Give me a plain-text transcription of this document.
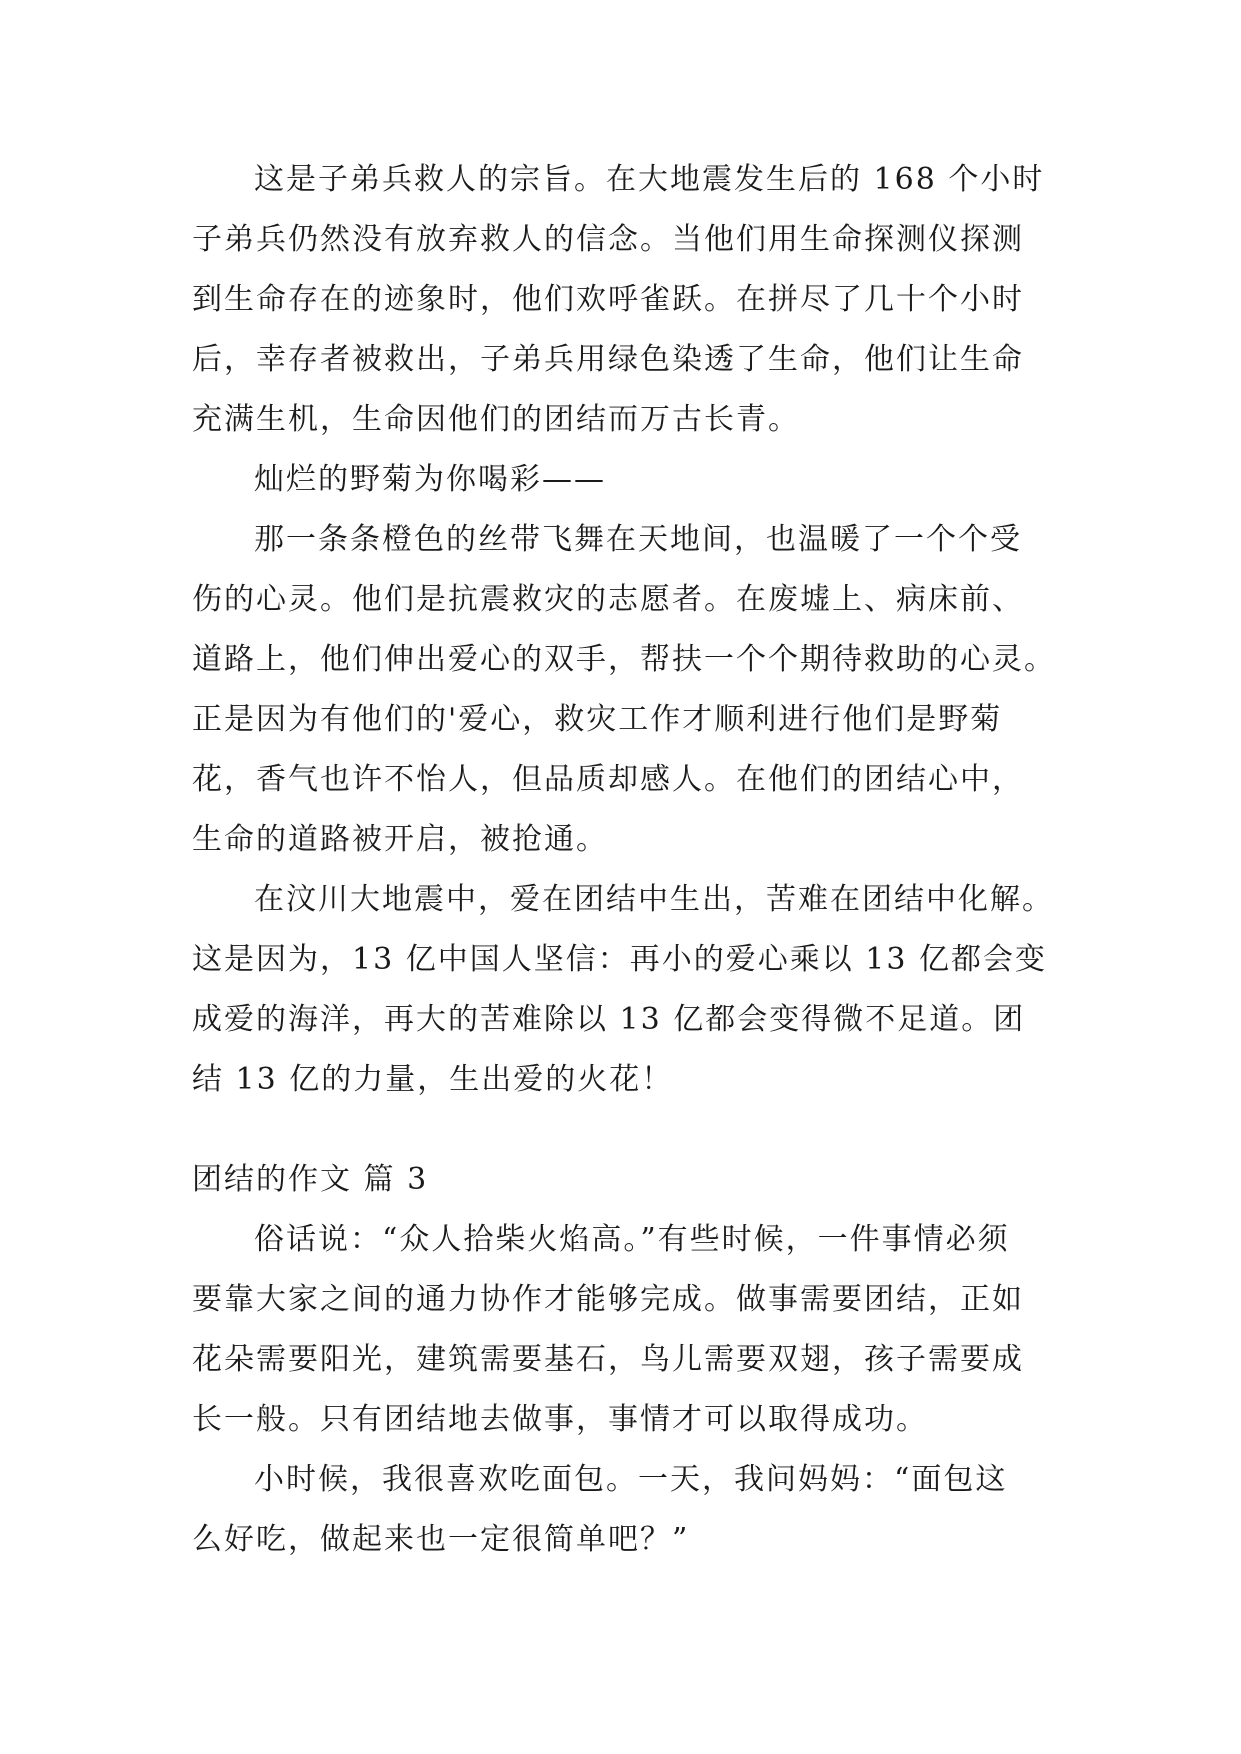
这是子弟兵救人的宗旨。在大地震发生后的 168 个小时
子弟兵仍然没有放弃救人的信念。当他们用生命探测仪探测
到生命存在的迹象时，他们欢呼雀跃。在拼尽了几十个小时
后，幸存者被救出，子弟兵用绿色染透了生命，他们让生命
充满生机，生命因他们的团结而万古长青。
灿烂的野菊为你喝彩——
那一条条橙色的丝带飞舞在天地间，也温暖了一个个受
伤的心灵。他们是抗震救灾的志愿者。在废墟上、病床前、
道路上，他们伸出爱心的双手，帮扶一个个期待救助的心灵。
正是因为有他们的'爱心，救灾工作才顺利进行他们是野菊
花，香气也许不怡人，但品质却感人。在他们的团结心中，
生命的道路被开启，被抢通。
在汶川大地震中，爱在团结中生出，苦难在团结中化解。
这是因为，13 亿中国人坚信：再小的爱心乘以 13 亿都会变
成爱的海洋，再大的苦难除以 13 亿都会变得微不足道。团
结 13 亿的力量，生出爱的火花！
团结的作文 篇 3
俗话说：“众人拾柴火焰高。”有些时候，一件事情必须
要靠大家之间的通力协作才能够完成。做事需要团结，正如
花朵需要阳光，建筑需要基石，鸟儿需要双翅，孩子需要成
长一般。只有团结地去做事，事情才可以取得成功。
小时候，我很喜欢吃面包。一天，我问妈妈：“面包这
么好吃，做起来也一定很简单吧？”
